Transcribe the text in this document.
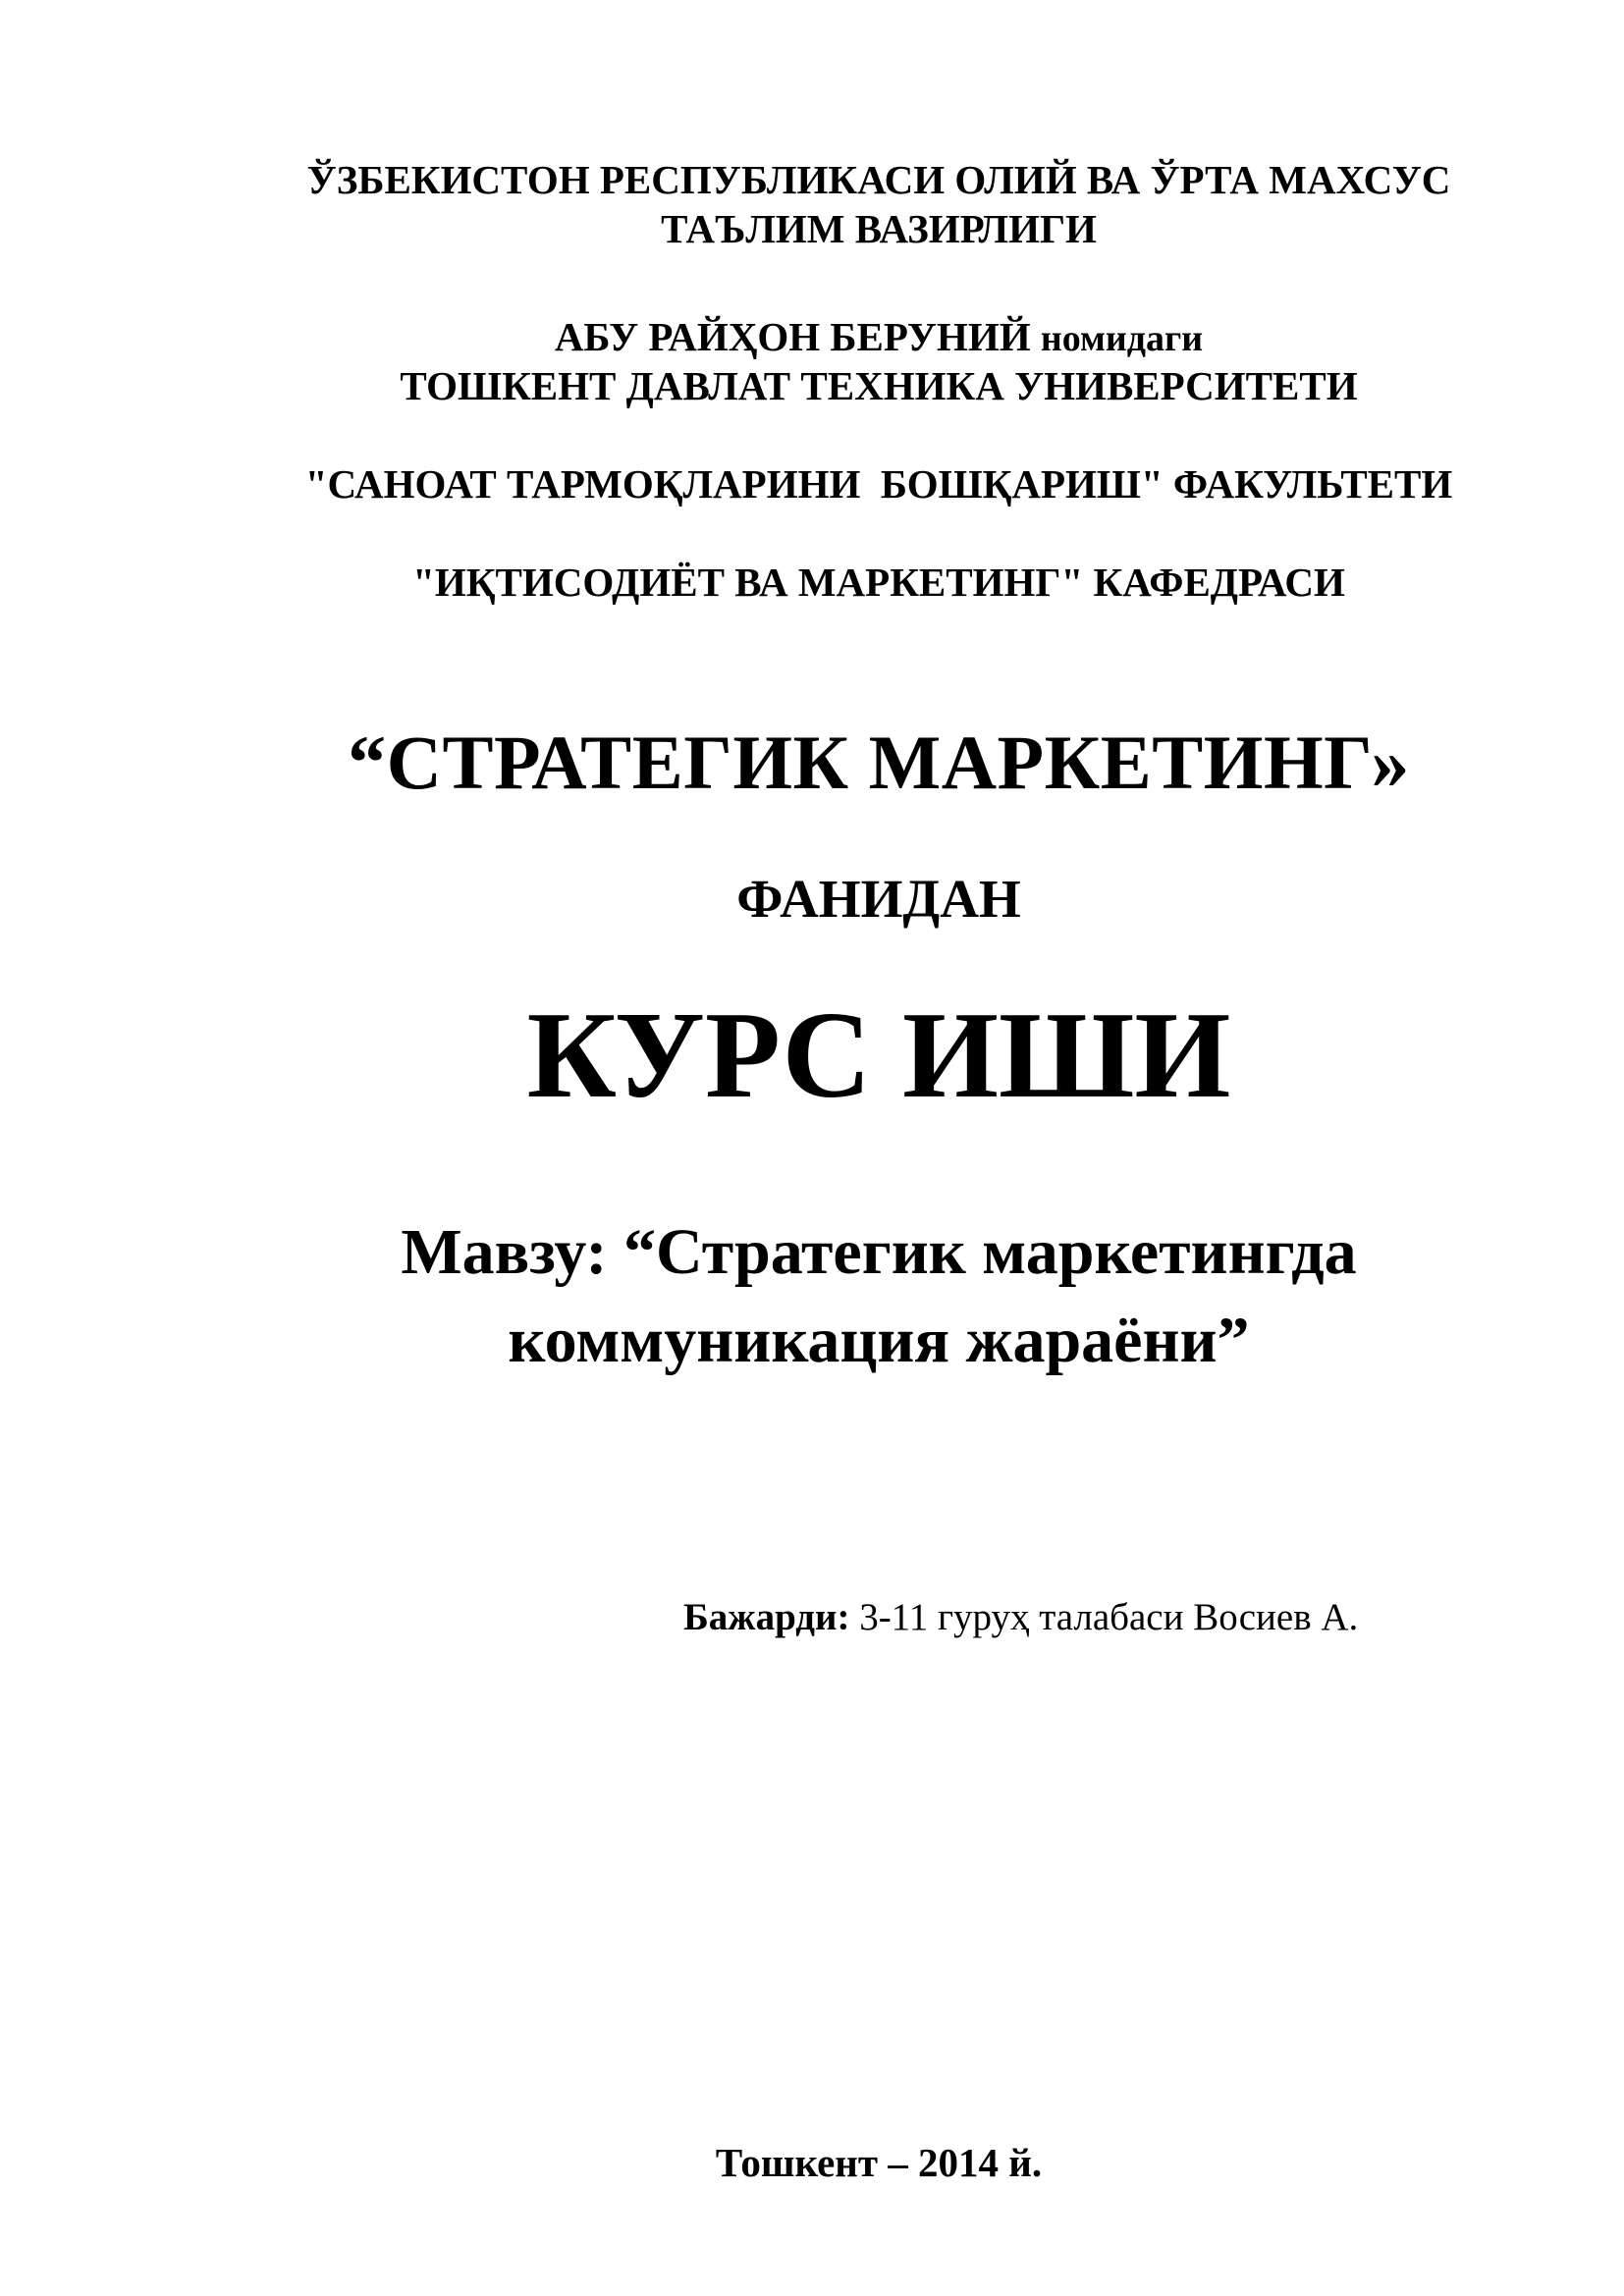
ЎЗБЕКИСТОН РЕСПУБЛИКАСИ ОЛИЙ ВА ЎРТА МАХСУС
ТАЪЛИМ ВАЗИРЛИГИ
АБУ РАЙҲОН БЕРУНИЙ номидаги
ТОШКЕНТ ДАВЛАТ ТЕХНИКА УНИВЕРСИТЕТИ
"САНОАТ ТАРМОҚЛАРИНИ  БОШҚАРИШ" ФАКУЛЬТЕТИ
"ИҚТИСОДИЁТ ВА МАРКЕТИНГ" КАФЕДРАСИ
“СТРАТЕГИК МАРКЕТИНГ»
ФАНИДАН
КУРС ИШИ
Мавзу: “Стратегик маркетингда
коммуникация жараёни”
Бажарди: 3-11 гуруҳ талабаси Восиев А.
Тошкент – 2014 й.
